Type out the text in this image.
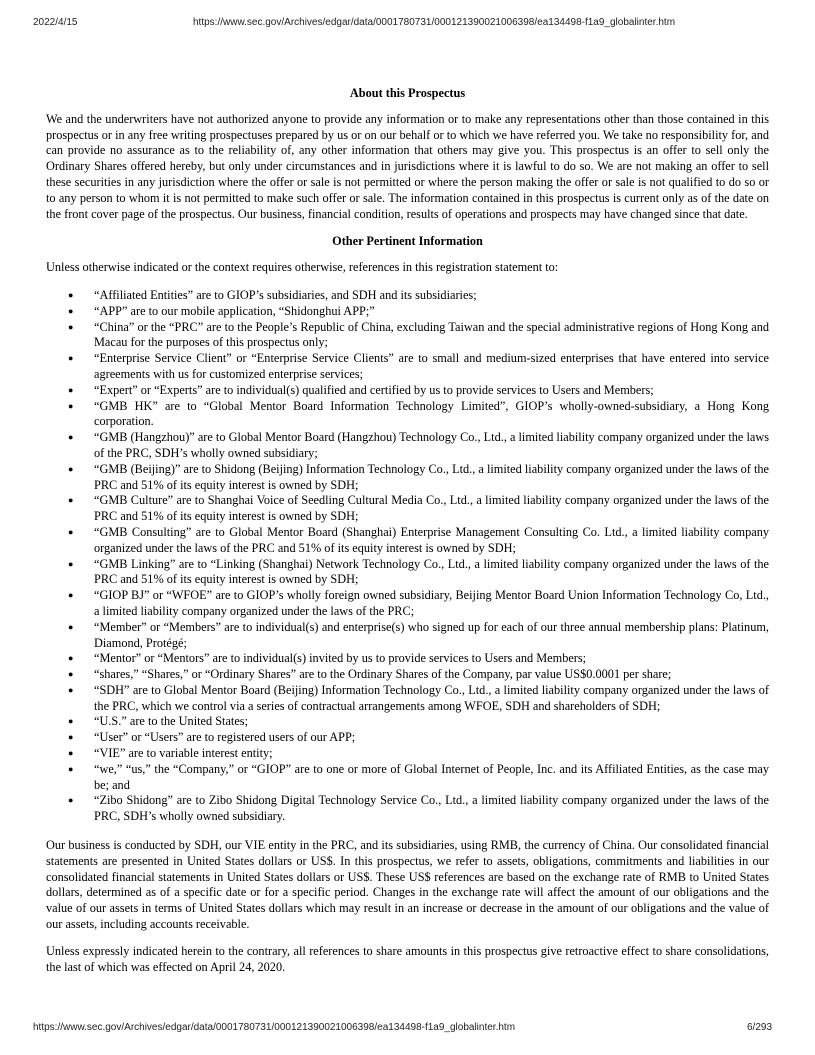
2022/4/15	https://www.sec.gov/Archives/edgar/data/0001780731/000121390021006398/ea134498-f1a9_globalinter.htm
About this Prospectus

We and the underwriters have not authorized anyone to provide any information or to make any representations other than those contained in this prospectus or in any free writing prospectuses prepared by us or on our behalf or to which we have referred you. We take no responsibility for, and can provide no assurance as to the reliability of, any other information that others may give you. This prospectus is an offer to sell only the Ordinary Shares offered hereby, but only under circumstances and in jurisdictions where it is lawful to do so. We are not making an offer to sell these securities in any jurisdiction where the offer or sale is not permitted or where the person making the offer or sale is not qualified to do so or to any person to whom it is not permitted to make such offer or sale. The information contained in this prospectus is current only as of the date on the front cover page of the prospectus. Our business, financial condition, results of operations and prospects may have changed since that date.

Other Pertinent Information

Unless otherwise indicated or the context requires otherwise, references in this registration statement to:

● “Affiliated Entities” are to GIOP’s subsidiaries, and SDH and its subsidiaries;
● “APP” are to our mobile application, “Shidonghui APP;”
● “China” or the “PRC” are to the People’s Republic of China, excluding Taiwan and the special administrative regions of Hong Kong and Macau for the purposes of this prospectus only;
● “Enterprise Service Client” or “Enterprise Service Clients” are to small and medium-sized enterprises that have entered into service agreements with us for customized enterprise services;
● “Expert” or “Experts” are to individual(s) qualified and certified by us to provide services to Users and Members;
● “GMB HK” are to “Global Mentor Board Information Technology Limited”, GIOP’s wholly-owned-subsidiary, a Hong Kong corporation.
● “GMB (Hangzhou)” are to Global Mentor Board (Hangzhou) Technology Co., Ltd., a limited liability company organized under the laws of the PRC, SDH’s wholly owned subsidiary;
● “GMB (Beijing)” are to Shidong (Beijing) Information Technology Co., Ltd., a limited liability company organized under the laws of the PRC and 51% of its equity interest is owned by SDH;
● “GMB Culture” are to Shanghai Voice of Seedling Cultural Media Co., Ltd., a limited liability company organized under the laws of the PRC and 51% of its equity interest is owned by SDH;
● “GMB Consulting” are to Global Mentor Board (Shanghai) Enterprise Management Consulting Co. Ltd., a limited liability company organized under the laws of the PRC and 51% of its equity interest is owned by SDH;
● “GMB Linking” are to “Linking (Shanghai) Network Technology Co., Ltd., a limited liability company organized under the laws of the PRC and 51% of its equity interest is owned by SDH;
● “GIOP BJ” or “WFOE” are to GIOP’s wholly foreign owned subsidiary, Beijing Mentor Board Union Information Technology Co, Ltd., a limited liability company organized under the laws of the PRC;
● “Member” or “Members” are to individual(s) and enterprise(s) who signed up for each of our three annual membership plans: Platinum, Diamond, Protégé;
● “Mentor” or “Mentors” are to individual(s) invited by us to provide services to Users and Members;
● “shares,” “Shares,” or “Ordinary Shares” are to the Ordinary Shares of the Company, par value US$0.0001 per share;
● “SDH” are to Global Mentor Board (Beijing) Information Technology Co., Ltd., a limited liability company organized under the laws of the PRC, which we control via a series of contractual arrangements among WFOE, SDH and shareholders of SDH;
● “U.S.” are to the United States;
● “User” or “Users” are to registered users of our APP;
● “VIE” are to variable interest entity;
● “we,” “us,” the “Company,” or “GIOP” are to one or more of Global Internet of People, Inc. and its Affiliated Entities, as the case may be; and
● “Zibo Shidong” are to Zibo Shidong Digital Technology Service Co., Ltd., a limited liability company organized under the laws of the PRC, SDH’s wholly owned subsidiary.

Our business is conducted by SDH, our VIE entity in the PRC, and its subsidiaries, using RMB, the currency of China. Our consolidated financial statements are presented in United States dollars or US$. In this prospectus, we refer to assets, obligations, commitments and liabilities in our consolidated financial statements in United States dollars or US$. These US$ references are based on the exchange rate of RMB to United States dollars, determined as of a specific date or for a specific period. Changes in the exchange rate will affect the amount of our obligations and the value of our assets in terms of United States dollars which may result in an increase or decrease in the amount of our obligations and the value of our assets, including accounts receivable.

Unless expressly indicated herein to the contrary, all references to share amounts in this prospectus give retroactive effect to share consolidations, the last of which was effected on April 24, 2020.

https://www.sec.gov/Archives/edgar/data/0001780731/000121390021006398/ea134498-f1a9_globalinter.htm	6/293
